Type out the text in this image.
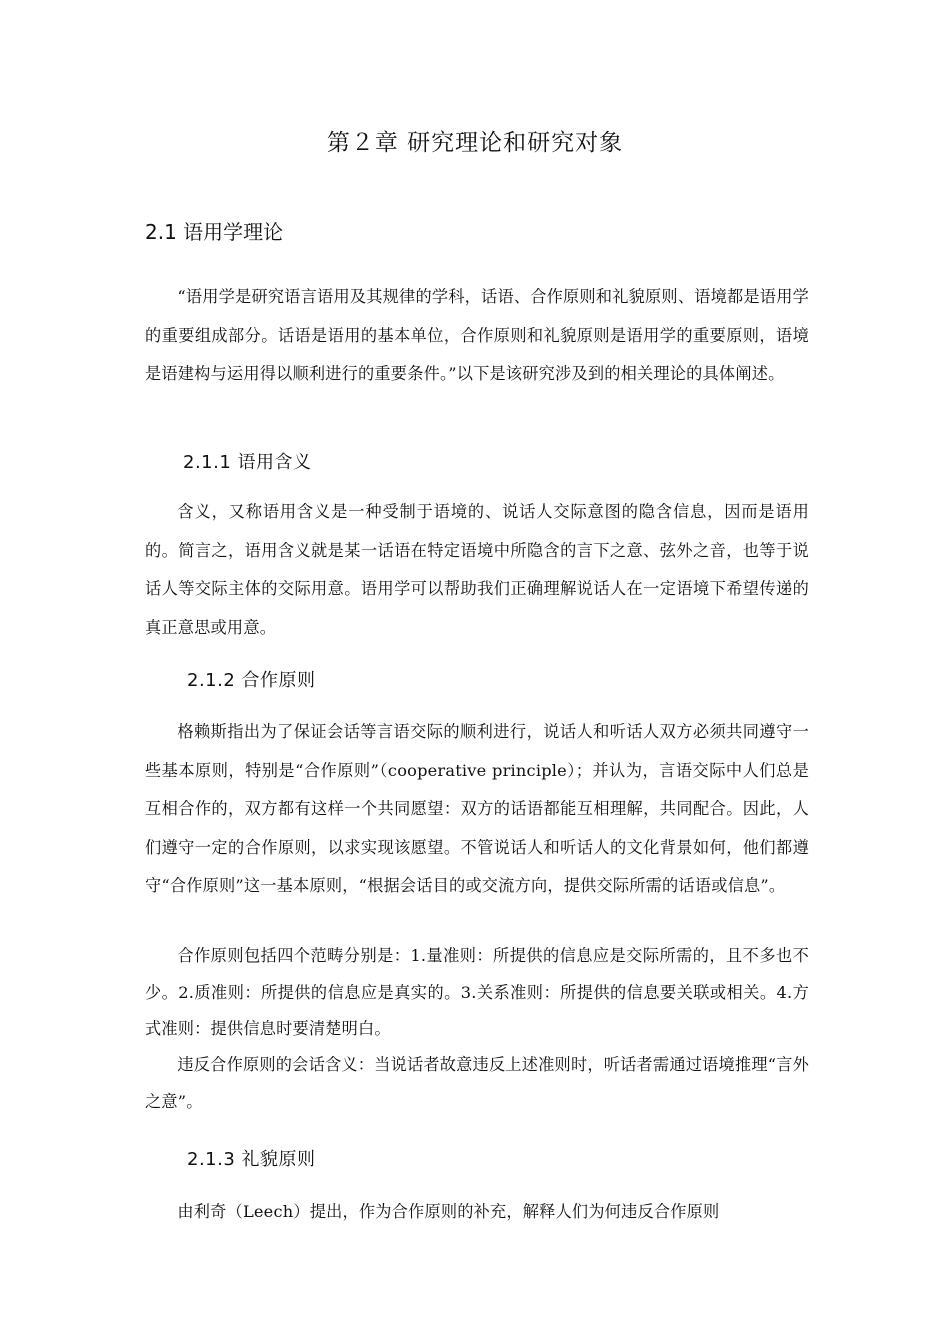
第２章 研究理论和研究对象
2.1 语用学理论

“语用学是研究语言语用及其规律的学科，话语、合作原则和礼貌原则、语境都是语用学的重要组成部分。话语是语用的基本单位，合作原则和礼貌原则是语用学的重要原则，语境是语建构与运用得以顺利进行的重要条件。”以下是该研究涉及到的相关理论的具体阐述。

2.1.1 语用含义

含义，又称语用含义是一种受制于语境的、说话人交际意图的隐含信息，因而是语用的。简言之，语用含义就是某一话语在特定语境中所隐含的言下之意、弦外之音，也等于说话人等交际主体的交际用意。语用学可以帮助我们正确理解说话人在一定语境下希望传递的真正意思或用意。

2.1.2 合作原则

格赖斯指出为了保证会话等言语交际的顺利进行，说话人和听话人双方必须共同遵守一些基本原则，特别是“合作原则”（cooperative principle）；并认为，言语交际中人们总是互相合作的，双方都有这样一个共同愿望：双方的话语都能互相理解，共同配合。因此，人们遵守一定的合作原则，以求实现该愿望。不管说话人和听话人的文化背景如何，他们都遵守“合作原则”这一基本原则，“根据会话目的或交流方向，提供交际所需的话语或信息”。

合作原则包括四个范畴分别是：1.量准则：所提供的信息应是交际所需的，且不多也不少。2.质准则：所提供的信息应是真实的。3.关系准则：所提供的信息要关联或相关。4.方式准则：提供信息时要清楚明白。

违反合作原则的会话含义：当说话者故意违反上述准则时，听话者需通过语境推理“言外之意”。

2.1.3 礼貌原则

由利奇（Leech）提出，作为合作原则的补充，解释人们为何违反合作原则
